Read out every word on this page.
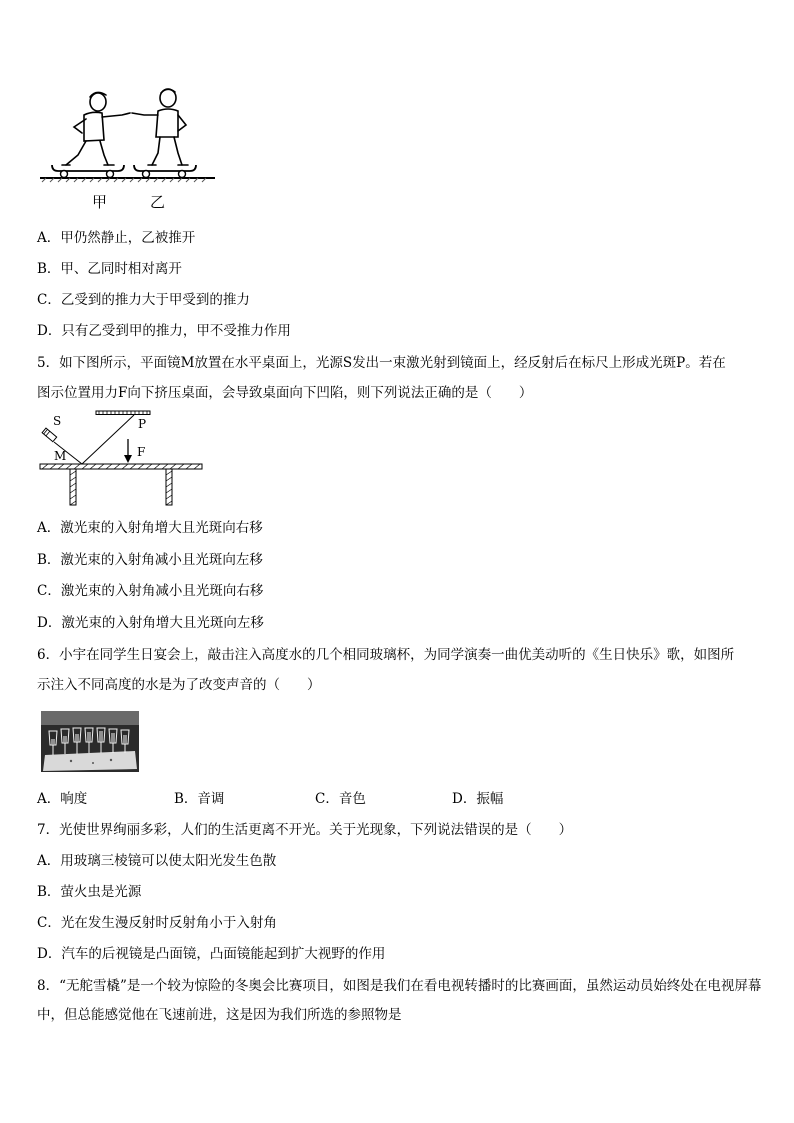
甲	乙
A．甲仍然静止，乙被推开
B．甲、乙同时相对离开
C．乙受到的推力大于甲受到的推力
D．只有乙受到甲的推力，甲不受推力作用
5．如下图所示，平面镜M放置在水平桌面上，光源S发出一束激光射到镜面上，经反射后在标尺上形成光斑P。若在
图示位置用力F向下挤压桌面，会导致桌面向下凹陷，则下列说法正确的是（　　）
S	P
M	F
A．激光束的入射角增大且光斑向右移
B．激光束的入射角减小且光斑向左移
C．激光束的入射角减小且光斑向右移
D．激光束的入射角增大且光斑向左移
6．小宇在同学生日宴会上，敲击注入高度水的几个相同玻璃杯，为同学演奏一曲优美动听的《生日快乐》歌，如图所
示注入不同高度的水是为了改变声音的（　　）
A．响度	B．音调	C．音色	D．振幅
7．光使世界绚丽多彩，人们的生活更离不开光。关于光现象，下列说法错误的是（　　）
A．用玻璃三棱镜可以使太阳光发生色散
B．萤火虫是光源
C．光在发生漫反射时反射角小于入射角
D．汽车的后视镜是凸面镜，凸面镜能起到扩大视野的作用
8．“无舵雪橇”是一个较为惊险的冬奥会比赛项目，如图是我们在看电视转播时的比赛画面，虽然运动员始终处在电视屏幕中，但总能感觉他在飞速前进，这是因为我们所选的参照物是
